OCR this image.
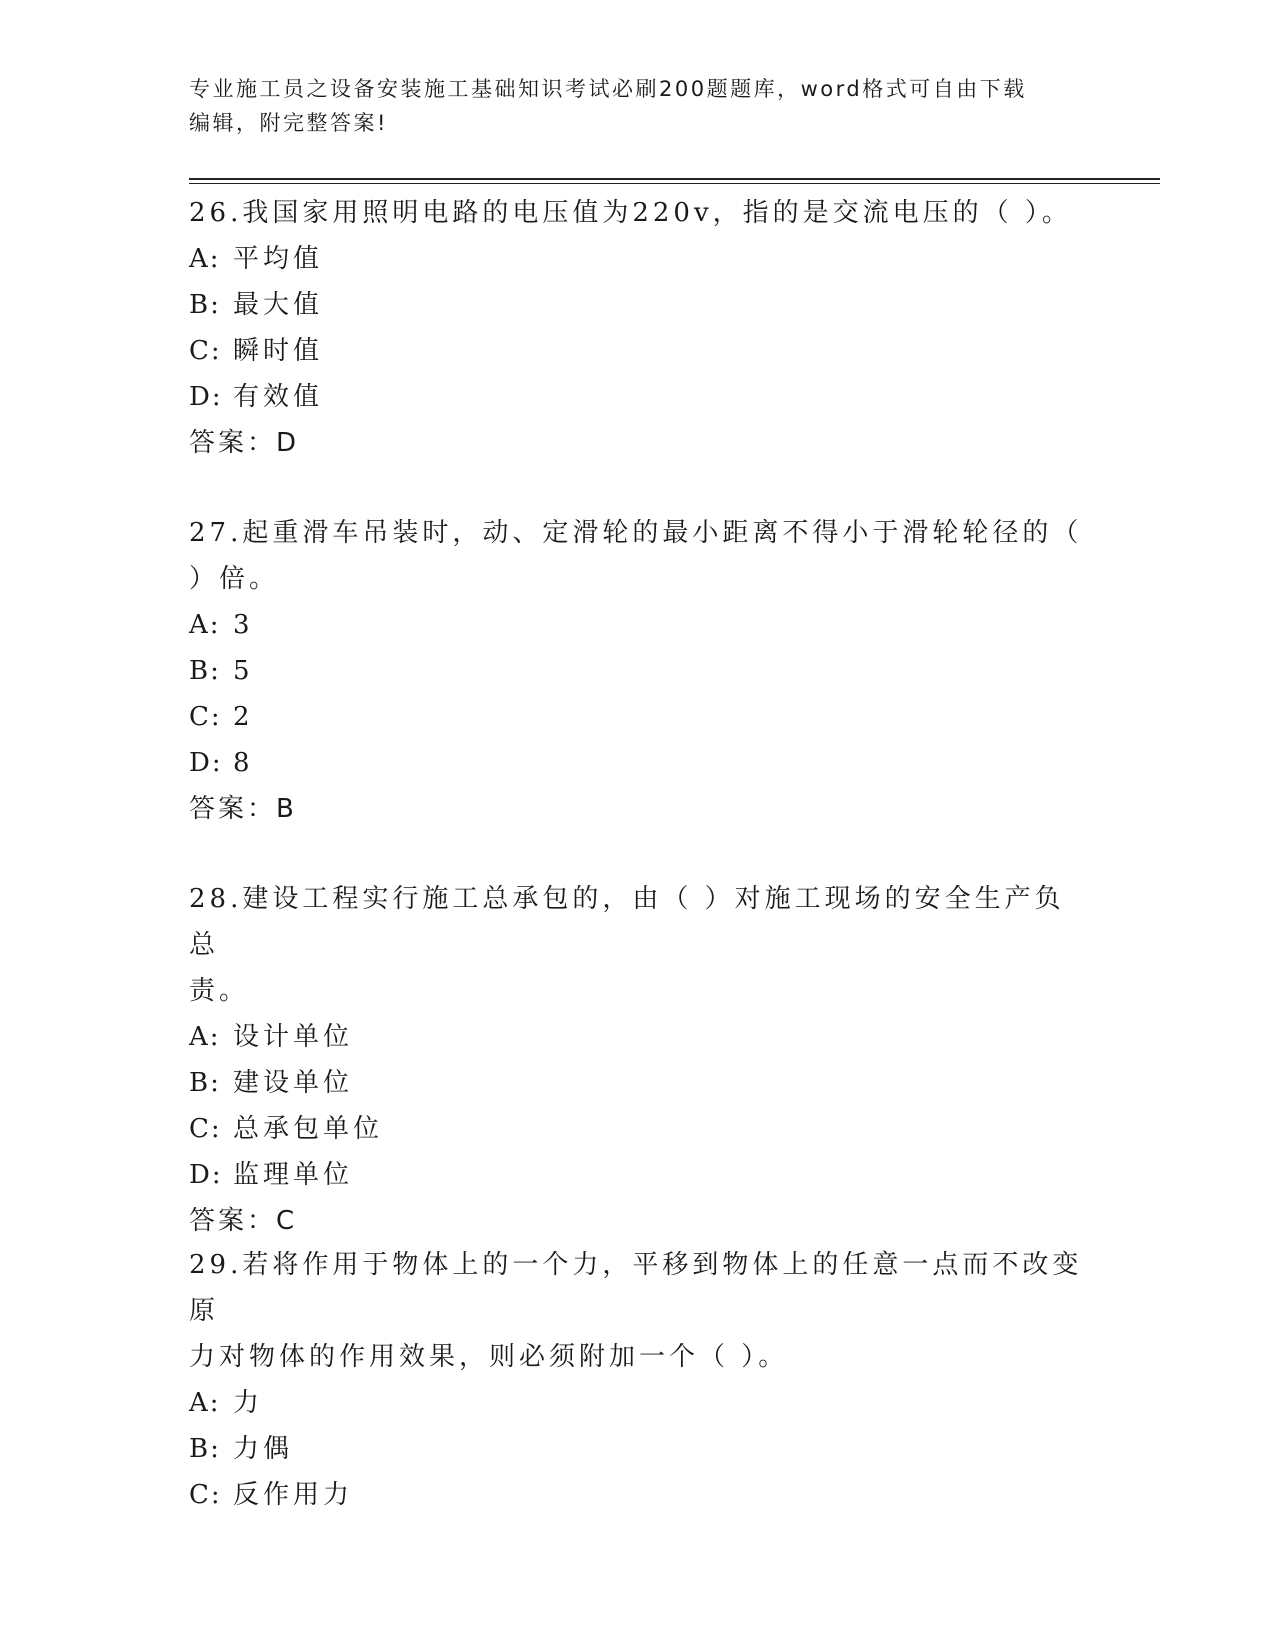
专业施工员之设备安装施工基础知识考试必刷200题题库，word格式可自由下载
编辑，附完整答案!

26.我国家用照明电路的电压值为220v，指的是交流电压的（ ）。

A: 平均值

B: 最大值

C: 瞬时值

D: 有效值

答案：D

27.起重滑车吊装时，动、定滑轮的最小距离不得小于滑轮轮径的（

）倍。

A: 3

B: 5

C: 2

D: 8

答案：B

28.建设工程实行施工总承包的，由（ ）对施工现场的安全生产负总

责。

A: 设计单位

B: 建设单位

C: 总承包单位

D: 监理单位

答案：C

29.若将作用于物体上的一个力，平移到物体上的任意一点而不改变原

力对物体的作用效果，则必须附加一个（ ）。

A: 力

B: 力偶

C: 反作用力
